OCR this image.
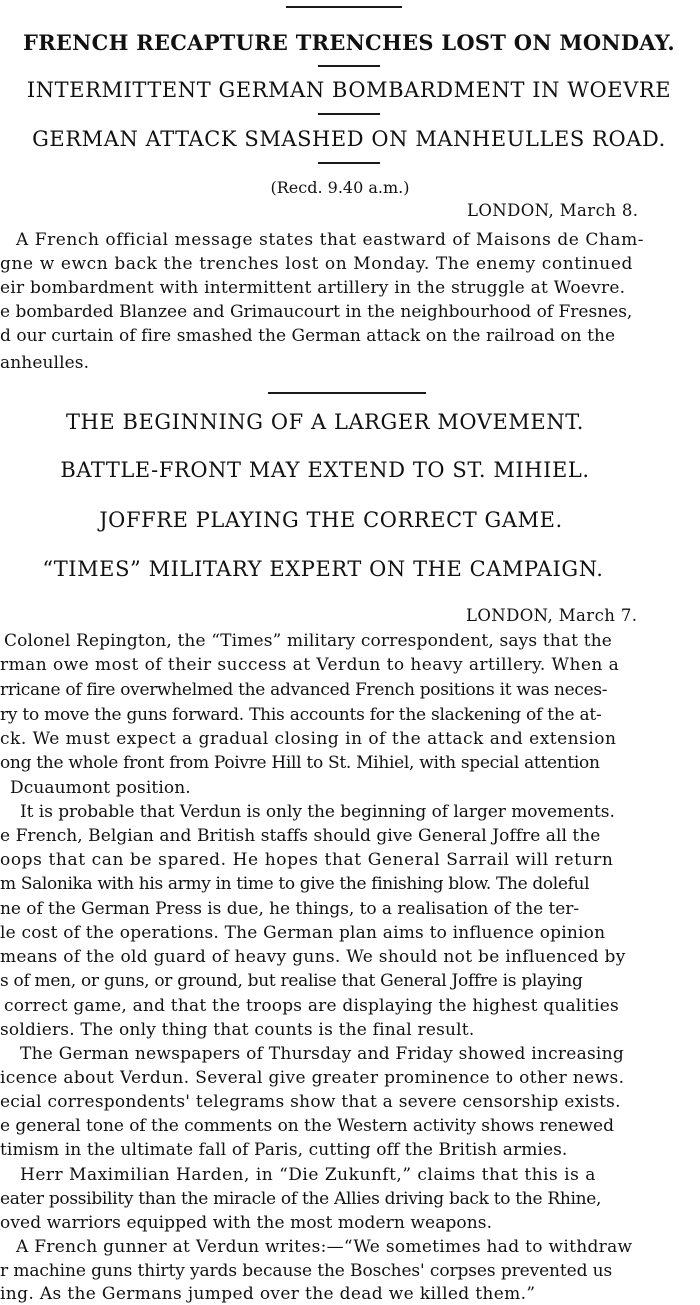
FRENCH RECAPTURE TRENCHES LOST ON MONDAY.
INTERMITTENT GERMAN BOMBARDMENT IN WOEVRE
GERMAN ATTACK SMASHED ON MANHEULLES ROAD.
(Recd. 9.40 a.m.)
LONDON, March 8.
A French official message states that eastward of Maisons de Cham-
gne w ewcn back the trenches lost on Monday. The enemy continued
eir bombardment with intermittent artillery in the struggle at Woevre.
e bombarded Blanzee and Grimaucourt in the neighbourhood of Fresnes,
d our curtain of fire smashed the German attack on the railroad on the
anheulles.
THE BEGINNING OF A LARGER MOVEMENT.
BATTLE-FRONT MAY EXTEND TO ST. MIHIEL.
JOFFRE PLAYING THE CORRECT GAME.
“TIMES” MILITARY EXPERT ON THE CAMPAIGN.
LONDON, March 7.
Colonel Repington, the “Times” military correspondent, says that the
rman owe most of their success at Verdun to heavy artillery. When a
rricane of fire overwhelmed the advanced French positions it was neces-
ry to move the guns forward. This accounts for the slackening of the at-
ck. We must expect a gradual closing in of the attack and extension
ong the whole front from Poivre Hill to St. Mihiel, with special attention
Dcuaumont position.
It is probable that Verdun is only the beginning of larger movements.
e French, Belgian and British staffs should give General Joffre all the
oops that can be spared. He hopes that General Sarrail will return
m Salonika with his army in time to give the finishing blow. The doleful
ne of the German Press is due, he things, to a realisation of the ter-
le cost of the operations. The German plan aims to influence opinion
means of the old guard of heavy guns. We should not be influenced by
s of men, or guns, or ground, but realise that General Joffre is playing
correct game, and that the troops are displaying the highest qualities
soldiers. The only thing that counts is the final result.
The German newspapers of Thursday and Friday showed increasing
icence about Verdun. Several give greater prominence to other news.
ecial correspondents' telegrams show that a severe censorship exists.
e general tone of the comments on the Western activity shows renewed
timism in the ultimate fall of Paris, cutting off the British armies.
Herr Maximilian Harden, in “Die Zukunft,” claims that this is a
eater possibility than the miracle of the Allies driving back to the Rhine,
oved warriors equipped with the most modern weapons.
A French gunner at Verdun writes:—“We sometimes had to withdraw
r machine guns thirty yards because the Bosches' corpses prevented us
ing. As the Germans jumped over the dead we killed them.”
